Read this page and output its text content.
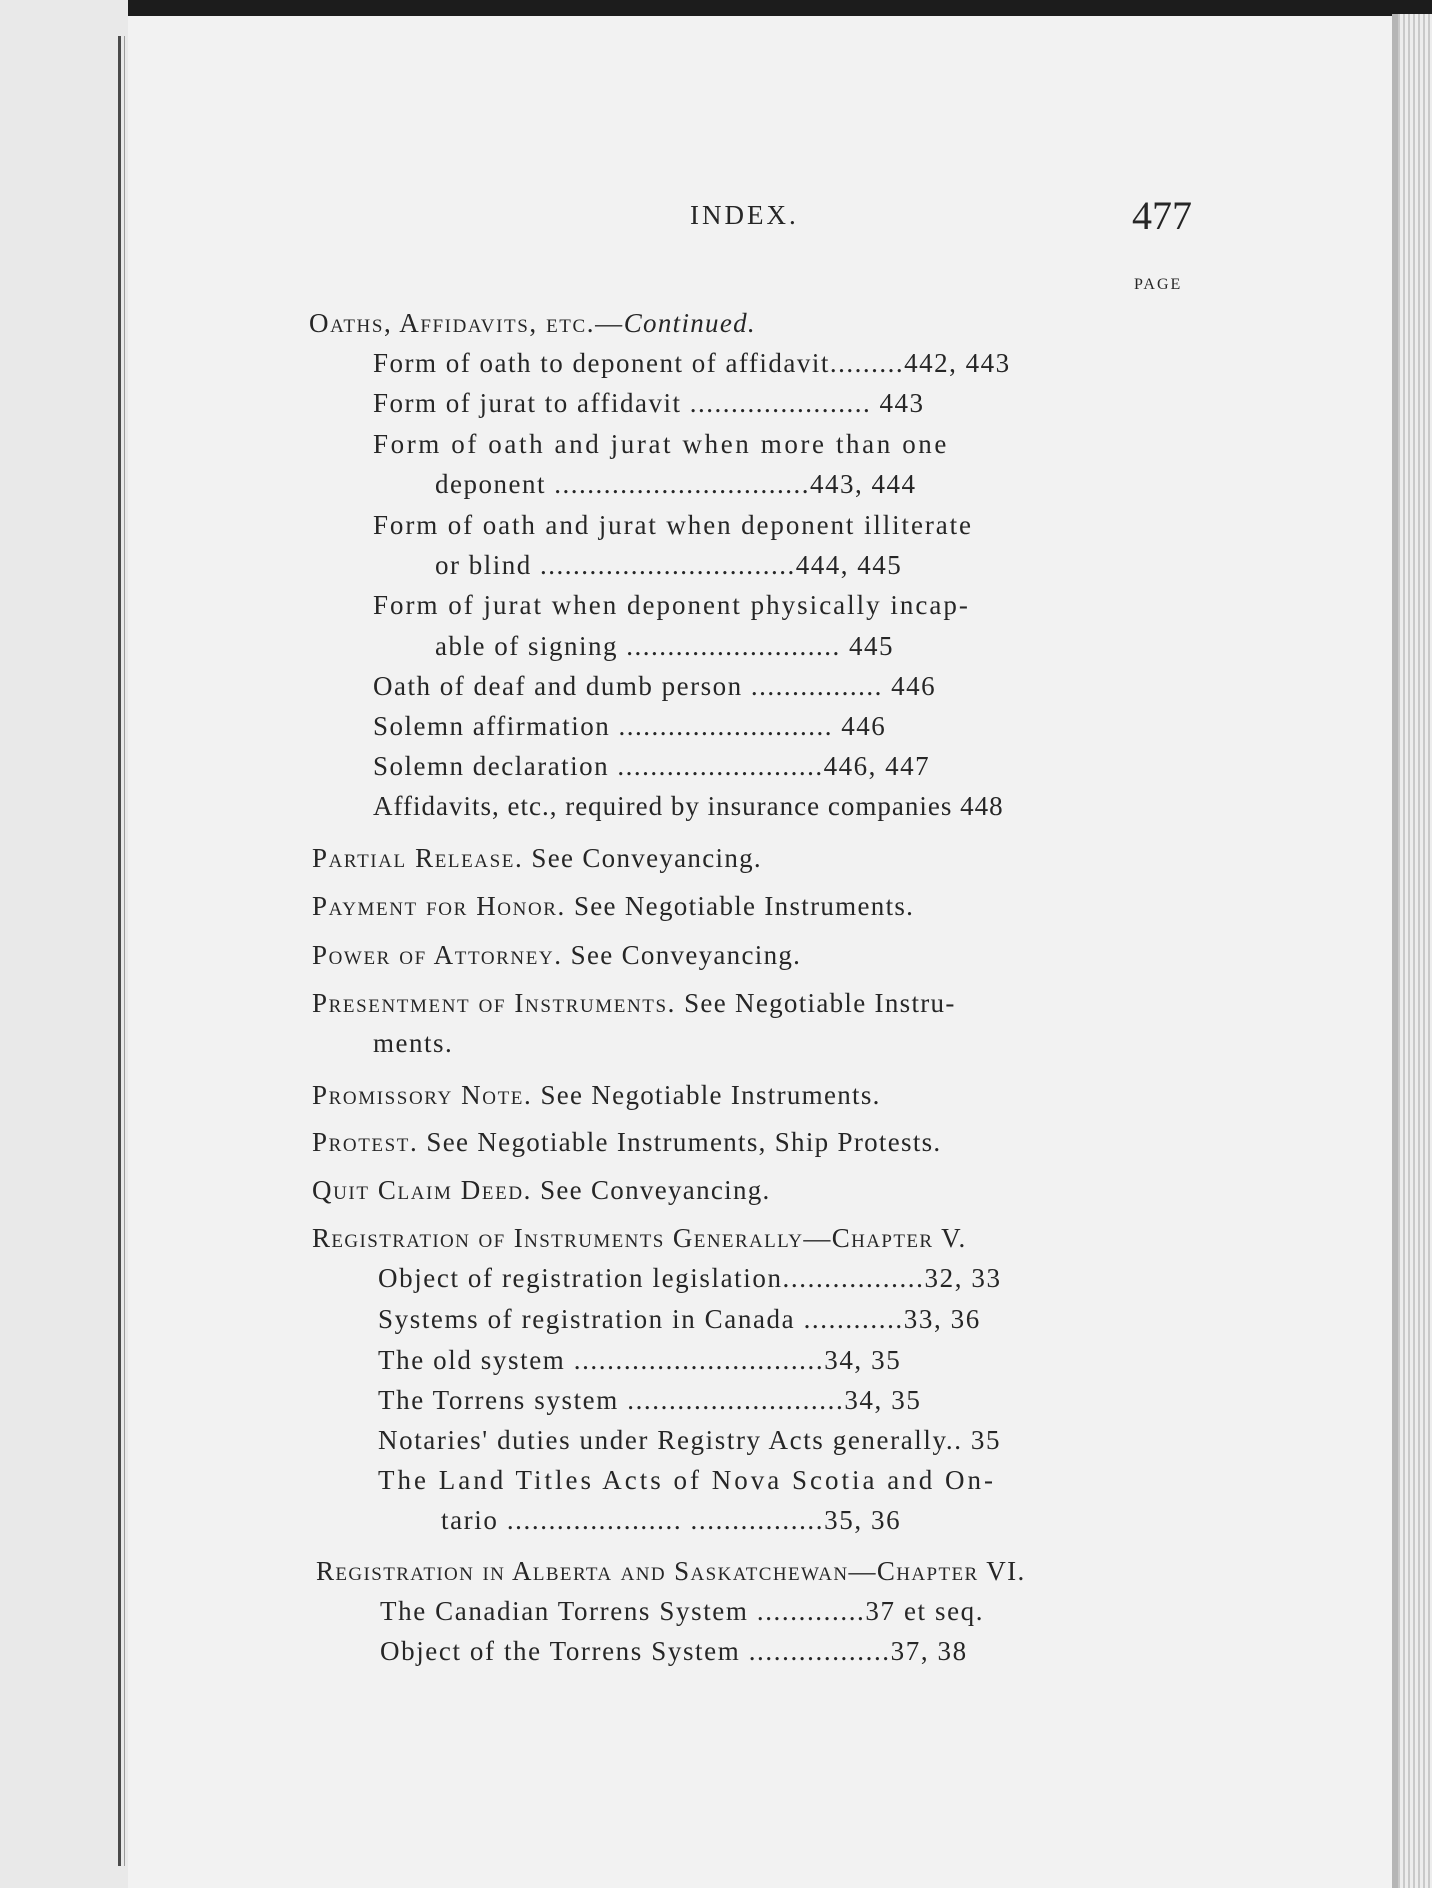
INDEX.	477
PAGE
Oaths, Affidavits, etc.—Continued.
Form of oath to deponent of affidavit.........442, 443
Form of jurat to affidavit ...................... 443
Form of oath and jurat when more than one
deponent ...............................443, 444
Form of oath and jurat when deponent illiterate
or blind ...............................444, 445
Form of jurat when deponent physically incap-
able of signing .......................... 445
Oath of deaf and dumb person ................ 446
Solemn affirmation .......................... 446
Solemn declaration .........................446, 447
Affidavits, etc., required by insurance companies 448
Partial Release. See Conveyancing.
Payment for Honor. See Negotiable Instruments.
Power of Attorney. See Conveyancing.
Presentment of Instruments. See Negotiable Instru-
ments.
Promissory Note. See Negotiable Instruments.
Protest. See Negotiable Instruments, Ship Protests.
Quit Claim Deed. See Conveyancing.
Registration of Instruments Generally—Chapter V.
Object of registration legislation.................32, 33
Systems of registration in Canada ............33, 36
The old system ..............................34, 35
The Torrens system ..........................34, 35
Notaries' duties under Registry Acts generally.. 35
The Land Titles Acts of Nova Scotia and On-
tario ..................... ................35, 36
Registration in Alberta and Saskatchewan—Chapter VI.
The Canadian Torrens System .............37 et seq.
Object of the Torrens System .................37, 38
